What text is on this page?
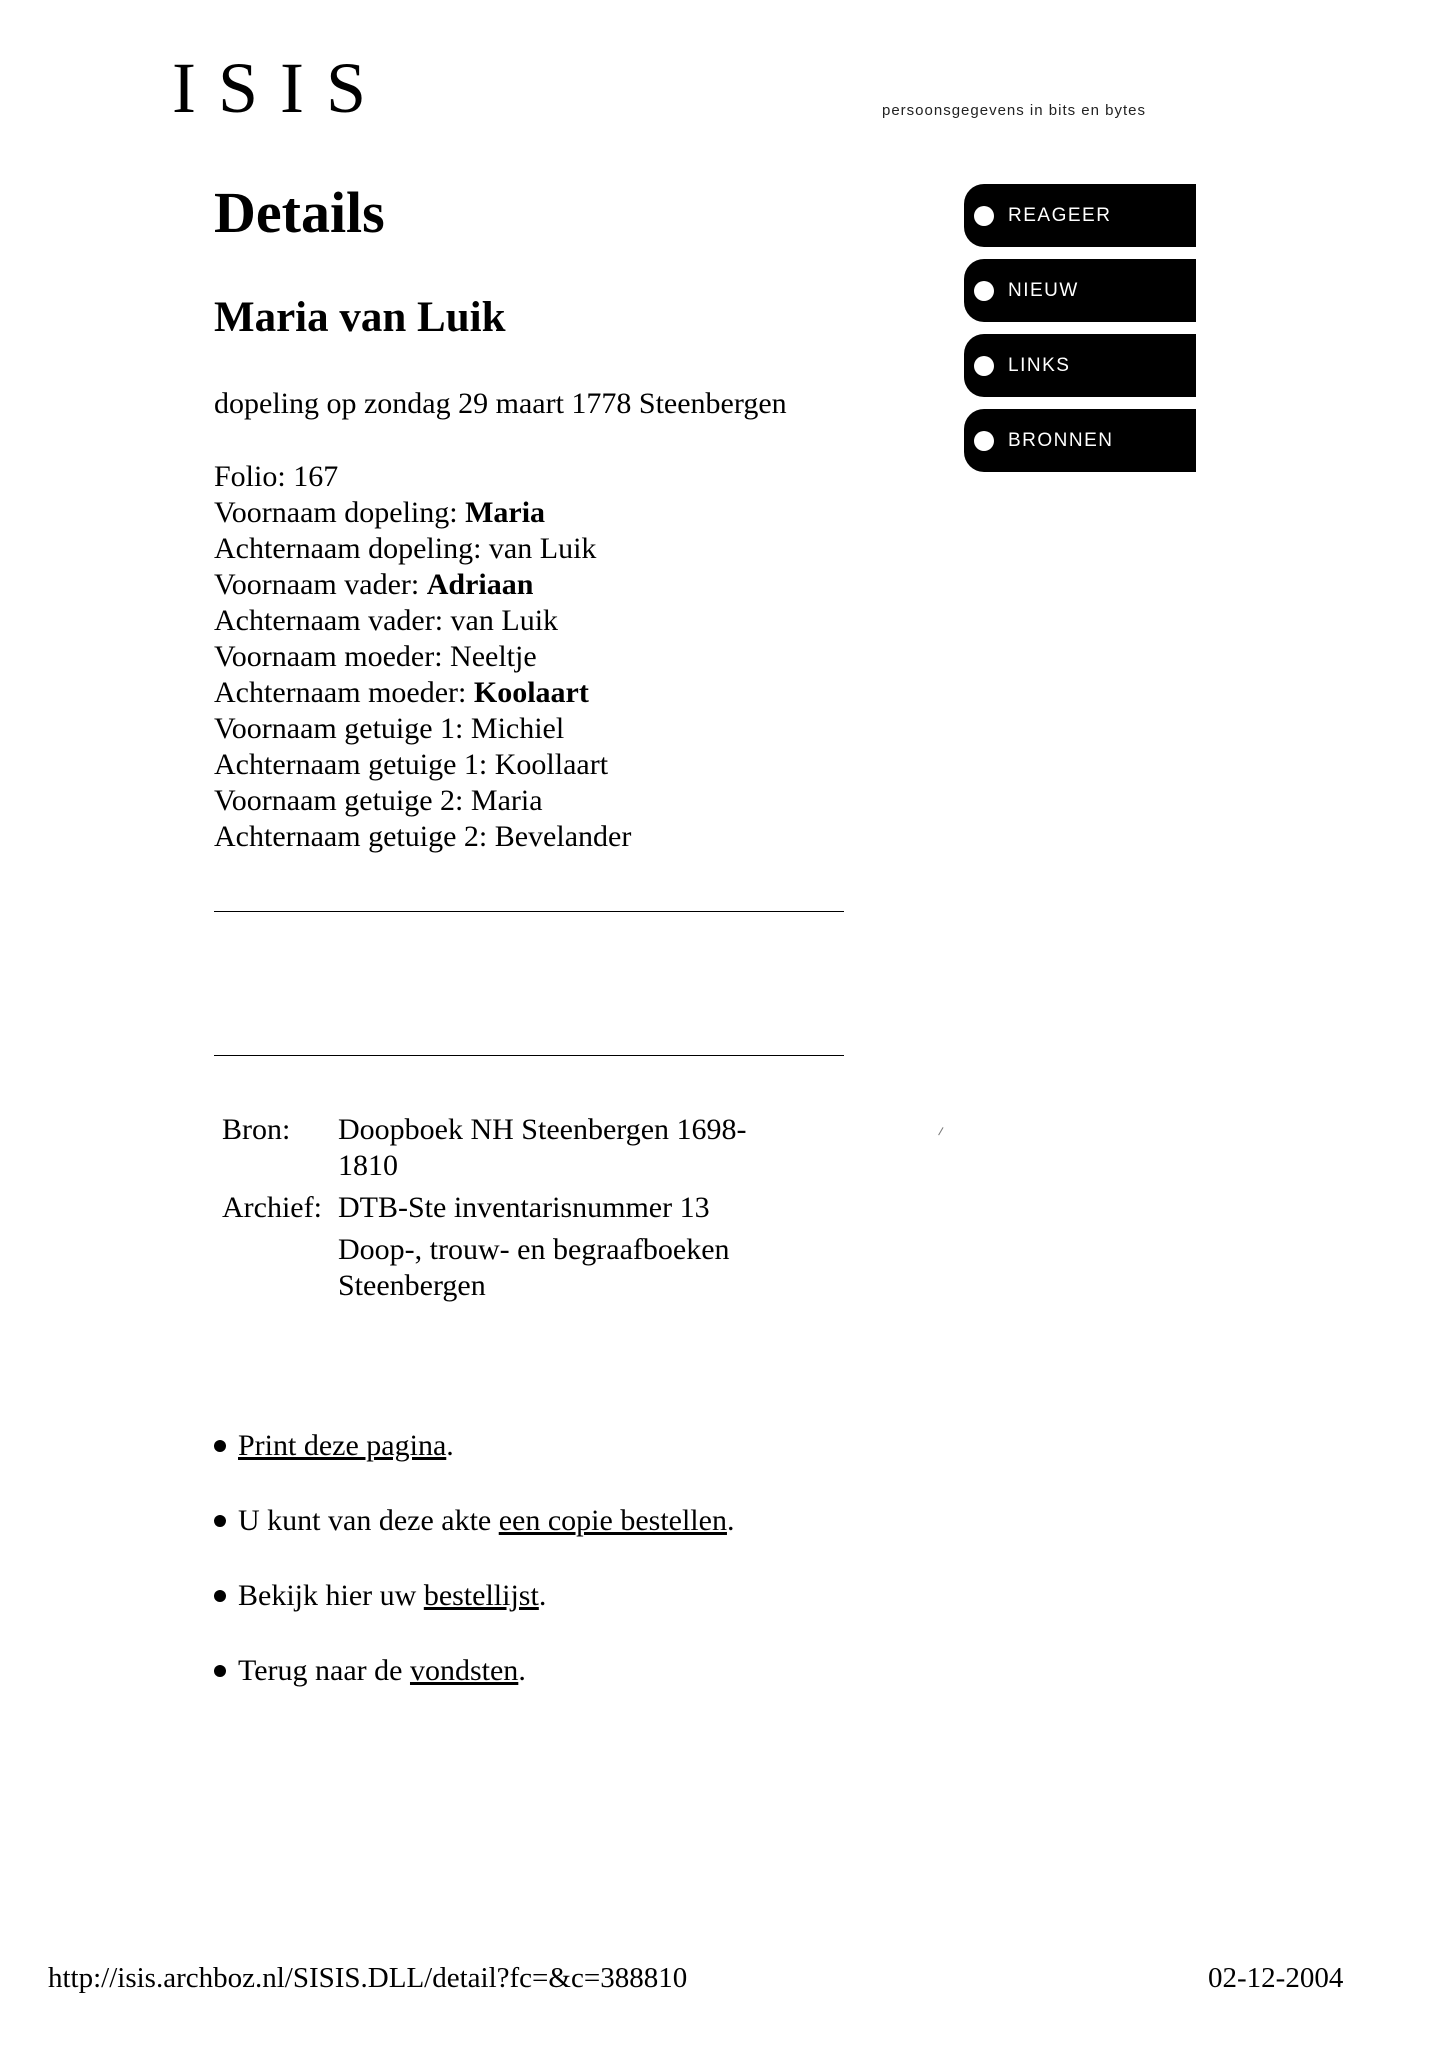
ISIS	persoonsgegevens in bits en bytes
Details
Maria van Luik
dopeling op zondag 29 maart 1778 Steenbergen
Folio: 167
Voornaam dopeling: Maria
Achternaam dopeling: van Luik
Voornaam vader: Adriaan
Achternaam vader: van Luik
Voornaam moeder: Neeltje
Achternaam moeder: Koolaart
Voornaam getuige 1: Michiel
Achternaam getuige 1: Koollaart
Voornaam getuige 2: Maria
Achternaam getuige 2: Bevelander
Bron:	Doopboek NH Steenbergen 1698-1810
Archief: DTB-Ste inventarisnummer 13
Doop-, trouw- en begraafboeken Steenbergen
Print deze pagina .
U kunt van deze akte een copie bestellen .
Bekijk hier uw bestellijst .
Terug naar de vondsten .
REAGEER
NIEUW
LINKS
BRONNEN
http://isis.archboz.nl/SISIS.DLL/detail?fc=&c=388810	02-12-2004
